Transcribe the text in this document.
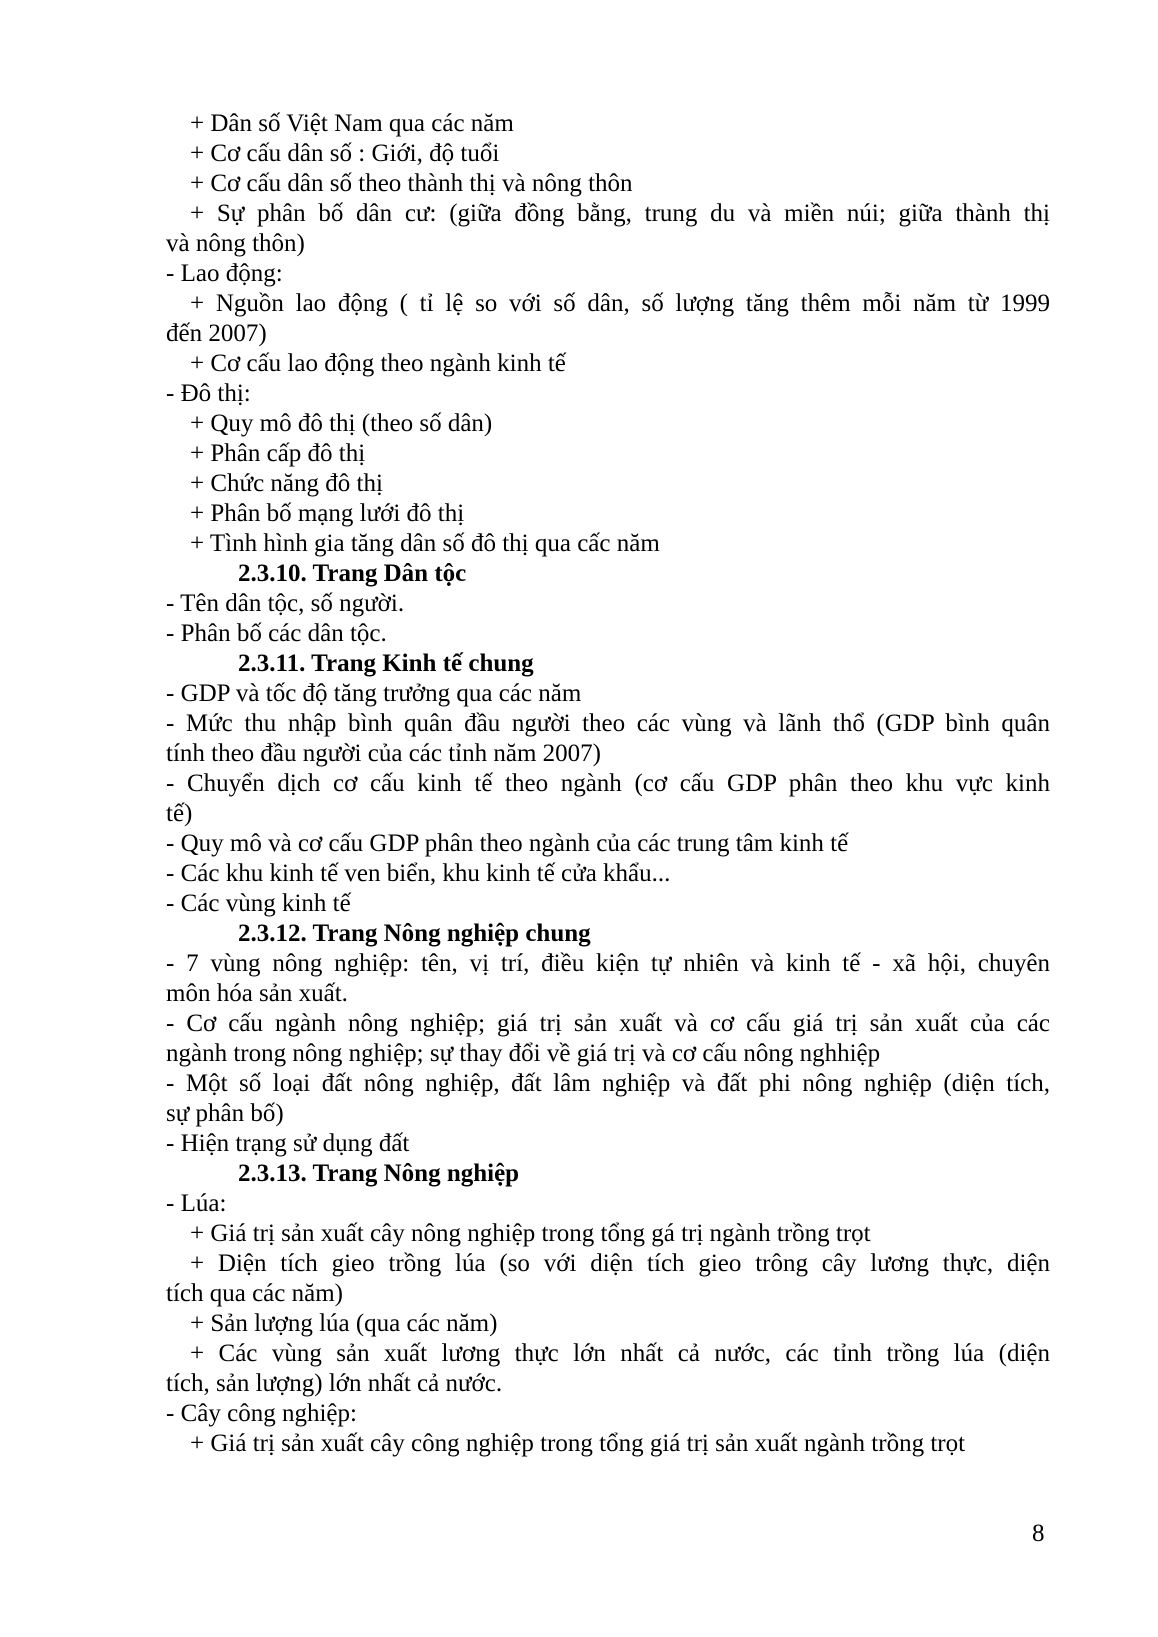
+ Dân số Việt Nam qua các năm
+ Cơ cấu dân số : Giới, độ tuổi
+ Cơ cấu dân số theo thành thị và nông thôn
+ Sự phân bố dân cư: (giữa đồng bằng, trung du và miền núi; giữa thành thị
và nông thôn)
- Lao động:
+ Nguồn lao động ( tỉ lệ so với số dân, số lượng tăng thêm mỗi năm từ 1999
đến 2007)
+ Cơ cấu lao động theo ngành kinh tế
- Đô thị:
+ Quy mô đô thị (theo số dân)
+ Phân cấp đô thị
+ Chức năng đô thị
+ Phân bố mạng lưới đô thị
+ Tình hình gia tăng dân số đô thị qua cấc năm
2.3.10. Trang Dân tộc
- Tên dân tộc, số người.
- Phân bố các dân tộc.
2.3.11. Trang Kinh tế chung
- GDP và tốc độ tăng trưởng qua các năm
- Mức thu nhập bình quân đầu người theo các vùng và lãnh thổ (GDP bình quân
tính theo đầu người của các tỉnh năm 2007)
- Chuyển dịch cơ cấu kinh tế theo ngành (cơ cấu GDP phân theo khu vực kinh
tế)
- Quy mô và cơ cấu GDP phân theo ngành của các trung tâm kinh tế
- Các khu kinh tế ven biển, khu kinh tế cửa khẩu...
- Các vùng kinh tế
2.3.12. Trang Nông nghiệp chung
- 7 vùng nông nghiệp: tên, vị trí, điều kiện tự nhiên và kinh tế - xã hội, chuyên
môn hóa sản xuất.
- Cơ cấu ngành nông nghiệp; giá trị sản xuất và cơ cấu giá trị sản xuất của các
ngành trong nông nghiệp; sự thay đổi về giá trị và cơ cấu nông nghhiệp
- Một số loại đất nông nghiệp, đất lâm nghiệp và đất phi nông nghiệp (diện tích,
sự phân bố)
- Hiện trạng sử dụng đất
2.3.13. Trang Nông nghiệp
- Lúa:
+ Giá trị sản xuất cây nông nghiệp trong tổng gá trị ngành trồng trọt
+ Diện tích gieo trồng lúa (so với diện tích gieo trông cây lương thực, diện
tích qua các năm)
+ Sản lượng lúa (qua các năm)
+ Các vùng sản xuất lương thực lớn nhất cả nước, các tỉnh trồng lúa (diện
tích, sản lượng) lớn nhất cả nước.
- Cây công nghiệp:
+ Giá trị sản xuất cây công nghiệp trong tổng giá trị sản xuất ngành trồng trọt
8
